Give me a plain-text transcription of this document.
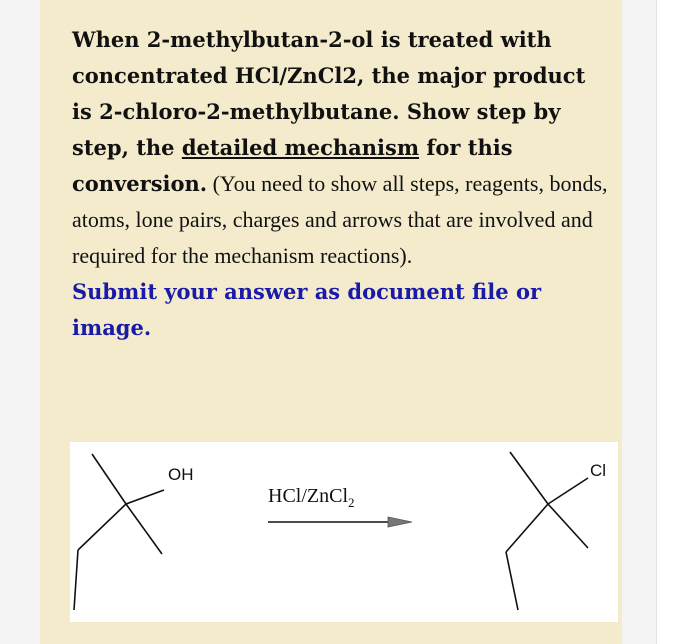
When 2-methylbutan-2-ol is treated with concentrated HCl/ZnCl2, the major product is 2-chloro-2-methylbutane. Show step by step, the detailed mechanism for this conversion. (You need to show all steps, reagents, bonds, atoms, lone pairs, charges and arrows that are involved and required for the mechanism reactions).
Submit your answer as document file or image.
OH
HCl/ZnCl$_2$
Cl
